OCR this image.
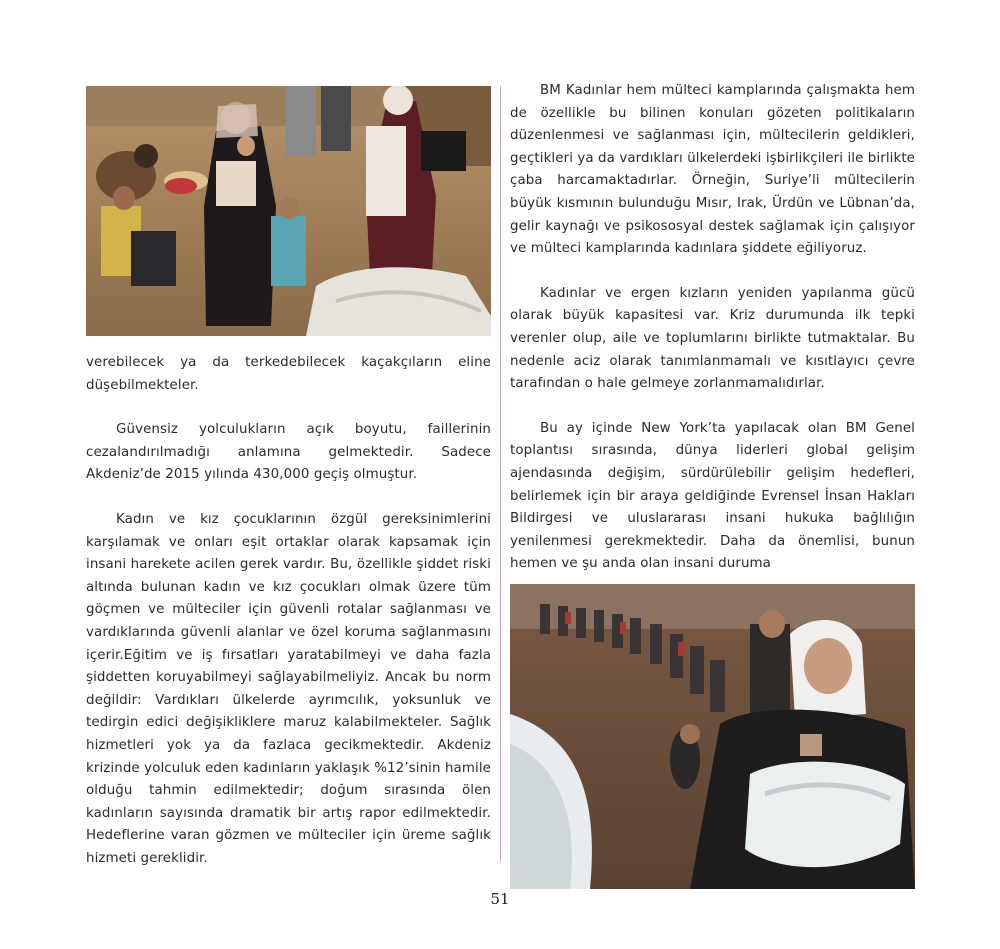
verebilecek ya da terkedebilecek kaçakçıların eline düşebilmekteler.

Güvensiz yolculukların açık boyutu, faillerinin cezalandırılmadığı anlamına gelmektedir. Sadece Akdeniz’de 2015 yılında 430,000 geçiş olmuştur.

Kadın ve kız çocuklarının özgül gereksinimlerini karşılamak ve onları eşit ortaklar olarak kapsamak için insani harekete acilen gerek vardır. Bu, özellikle şiddet riski altında bulunan kadın ve kız çocukları olmak üzere tüm göçmen ve mülteciler için güvenli rotalar sağlanması ve vardıklarında güvenli alanlar ve özel koruma sağlanmasını içerir.Eğitim ve iş fırsatları yaratabilmeyi ve daha fazla şiddetten koruyabilmeyi sağlayabilmeliyiz. Ancak bu norm değildir: Vardıkları ülkelerde ayrımcılık, yoksunluk ve tedirgin edici değişikliklere maruz kalabilmekteler. Sağlık hizmetleri yok ya da fazlaca gecikmektedir. Akdeniz krizinde yolculuk eden kadınların yaklaşık %12’sinin hamile olduğu tahmin edilmektedir; doğum sırasında ölen kadınların sayısında dramatik bir artış rapor edilmektedir. Hedeflerine varan gözmen ve mülteciler için üreme sağlık hizmeti gereklidir.

BM Kadınlar hem mülteci kamplarında çalışmakta hem de özellikle bu bilinen konuları gözeten politikaların düzenlenmesi ve sağlanması için, mültecilerin geldikleri, geçtikleri ya da vardıkları ülkelerdeki işbirlikçileri ile birlikte çaba harcamaktadırlar. Örneğin, Suriye’li mültecilerin büyük kısmının bulunduğu Mısır, Irak, Ürdün ve Lübnan’da, gelir kaynağı ve psikososyal destek sağlamak için çalışıyor ve mülteci kamplarında kadınlara şiddete eğiliyoruz.

Kadınlar ve ergen kızların yeniden yapılanma gücü olarak büyük kapasitesi var. Kriz durumunda ilk tepki verenler olup, aile ve toplumlarını birlikte tutmaktalar. Bu nedenle aciz olarak tanımlanmamalı ve kısıtlayıcı çevre tarafından o hale gelmeye zorlanmamalıdırlar.

Bu ay içinde New York’ta yapılacak olan BM Genel toplantısı sırasında, dünya liderleri global gelişim ajendasında değişim, sürdürülebilir gelişim hedefleri, belirlemek için bir araya geldiğinde Evrensel İnsan Hakları Bildirgesi ve uluslararası insani hukuka bağlılığın yenilenmesi gerekmektedir. Daha da önemlisi, bunun hemen ve şu anda olan insani duruma

51
